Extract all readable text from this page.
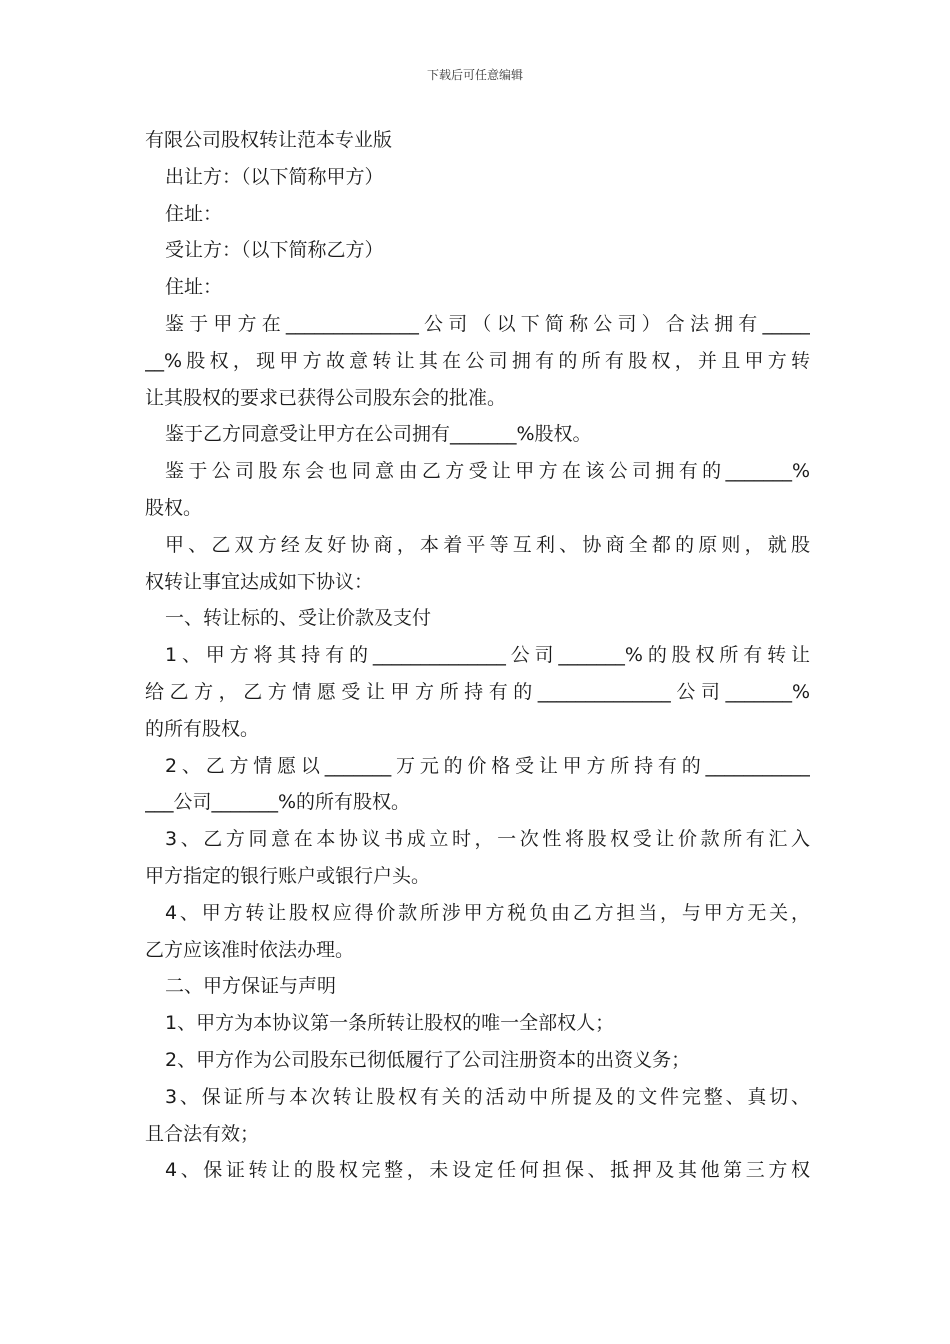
下载后可任意编辑
有限公司股权转让范本专业版
出让方：（以下简称甲方）
住址：
受让方：（以下简称乙方）
住址：
鉴于甲方在______________公司（以下简称公司）合法拥有_____
__%股权，现甲方故意转让其在公司拥有的所有股权，并且甲方转
让其股权的要求已获得公司股东会的批准。
鉴于乙方同意受让甲方在公司拥有_______%股权。
鉴于公司股东会也同意由乙方受让甲方在该公司拥有的_______%
股权。
甲、乙双方经友好协商，本着平等互利、协商全都的原则，就股
权转让事宜达成如下协议：
一、转让标的、受让价款及支付
1、甲方将其持有的______________公司_______%的股权所有转让
给乙方，乙方情愿受让甲方所持有的______________公司_______%
的所有股权。
2、乙方情愿以_______万元的价格受让甲方所持有的___________
___公司_______%的所有股权。
3、乙方同意在本协议书成立时，一次性将股权受让价款所有汇入
甲方指定的银行账户或银行户头。
4、甲方转让股权应得价款所涉甲方税负由乙方担当，与甲方无关，
乙方应该准时依法办理。
二、甲方保证与声明
1、甲方为本协议第一条所转让股权的唯一全部权人；
2、甲方作为公司股东已彻低履行了公司注册资本的出资义务；
3、保证所与本次转让股权有关的活动中所提及的文件完整、真切、
且合法有效；
4、保证转让的股权完整，未设定任何担保、抵押及其他第三方权
